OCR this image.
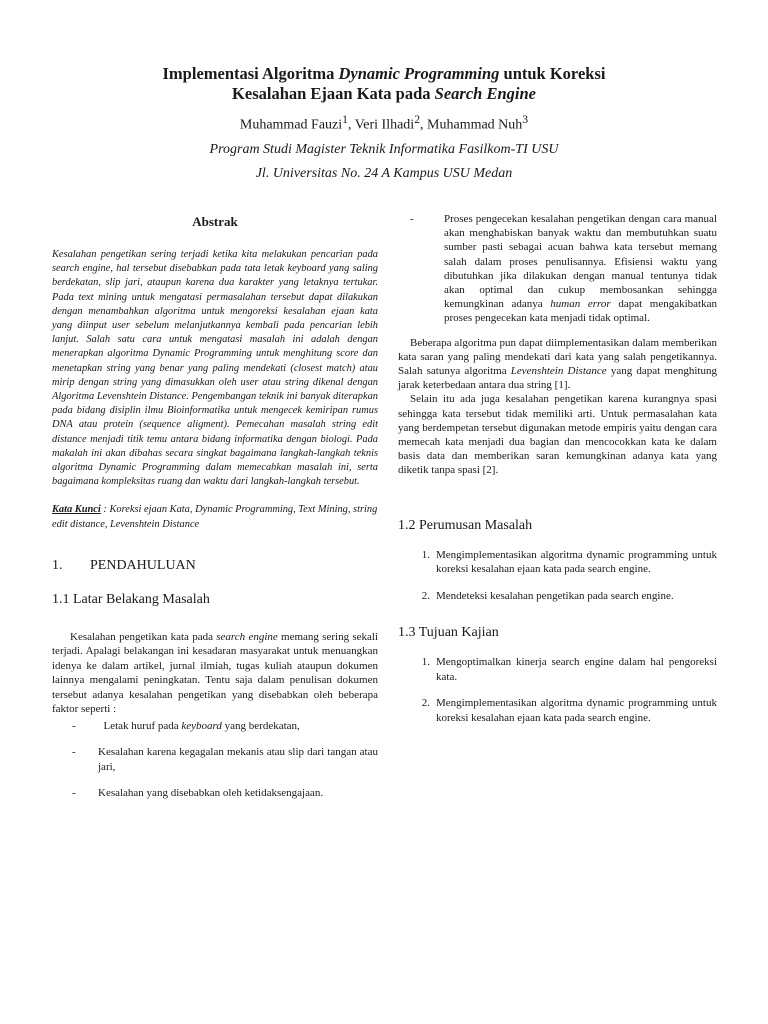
Implementasi Algoritma Dynamic Programming untuk Koreksi
Kesalahan Ejaan Kata pada Search Engine

Muhammad Fauzi$^1$, Veri Ilhadi$^2$, Muhammad Nuh$^3$
Program Studi Magister Teknik Informatika Fasilkom-TI USU
Jl. Universitas No. 24 A Kampus USU Medan
Abstrak

Kesalahan pengetikan sering terjadi ketika kita melakukan pencarian pada search engine, hal tersebut disebabkan pada tata letak keyboard yang saling berdekatan, slip jari, ataupun karena dua karakter yang letaknya tertukar. Pada text mining untuk mengatasi permasalahan tersebut dapat dilakukan dengan menambahkan algoritma untuk mengoreksi kesalahan ejaan kata yang diinput user sebelum melanjutkannya kembali pada pencarian lebih lanjut. Salah satu cara untuk mengatasi masalah ini adalah dengan menerapkan algoritma Dynamic Programming untuk menghitung score dan menetapkan string yang benar yang paling mendekati (closest match) atau mirip dengan string yang dimasukkan oleh user atau string dikenal dengan Algoritma Levenshtein Distance. Pengembangan teknik ini banyak diterapkan pada bidang disiplin ilmu Bioinformatika untuk mengecek kemiripan rumus DNA atau protein (sequence aligment). Pemecahan masalah string edit distance menjadi titik temu antara bidang informatika dengan biologi. Pada makalah ini akan dibahas secara singkat bagaimana langkah-langkah teknis algoritma Dynamic Programming dalam memecahkan masalah ini, serta bagaimana kompleksitas ruang dan waktu dari langkah-langkah tersebut.

Kata Kunci : Koreksi ejaan Kata, Dynamic Programming, Text Mining, string edit distance, Levenshtein Distance
1. PENDAHULUAN
1.1 Latar Belakang Masalah

Kesalahan pengetikan kata pada search engine memang sering sekali terjadi. Apalagi belakangan ini kesadaran masyarakat untuk menuangkan idenya ke dalam artikel, jurnal ilmiah, tugas kuliah ataupun dokumen lainnya mengalami peningkatan. Tentu saja dalam penulisan dokumen tersebut adanya kesalahan pengetikan yang disebabkan oleh beberapa faktor seperti :

-	Letak huruf pada keyboard yang berdekatan,
-	Kesalahan karena kegagalan mekanis atau slip dari tangan atau jari,
-	Kesalahan yang disebabkan oleh ketidaksengajaan.
-	Proses pengecekan kesalahan pengetikan dengan cara manual akan menghabiskan banyak waktu dan membutuhkan suatu sumber pasti sebagai acuan bahwa kata tersebut memang salah dalam proses penulisannya. Efisiensi waktu yang dibutuhkan jika dilakukan dengan manual tentunya tidak akan optimal dan cukup membosankan sehingga kemungkinan adanya human error dapat mengakibatkan proses pengecekan kata menjadi tidak optimal.

Beberapa algoritma pun dapat diimplementasikan dalam memberikan kata saran yang paling mendekati dari kata yang salah pengetikannya. Salah satunya algoritma Levenshtein Distance yang dapat menghitung jarak keterbedaan antara dua string [1].

Selain itu ada juga kesalahan pengetikan karena kurangnya spasi sehingga kata tersebut tidak memiliki arti. Untuk permasalahan kata yang berdempetan tersebut digunakan metode empiris yaitu dengan cara memecah kata menjadi dua bagian dan mencocokkan kata ke dalam basis data dan memberikan saran kemungkinan adanya kata yang diketik tanpa spasi [2].

1.2 Perumusan Masalah
1. Mengimplementasikan algoritma dynamic programming untuk koreksi kesalahan ejaan kata pada search engine.
2. Mendeteksi kesalahan pengetikan pada search engine.
1.3 Tujuan Kajian
1. Mengoptimalkan kinerja search engine dalam hal pengoreksi kata.
2. Mengimplementasikan algoritma dynamic programming untuk koreksi kesalahan ejaan kata pada search engine.
